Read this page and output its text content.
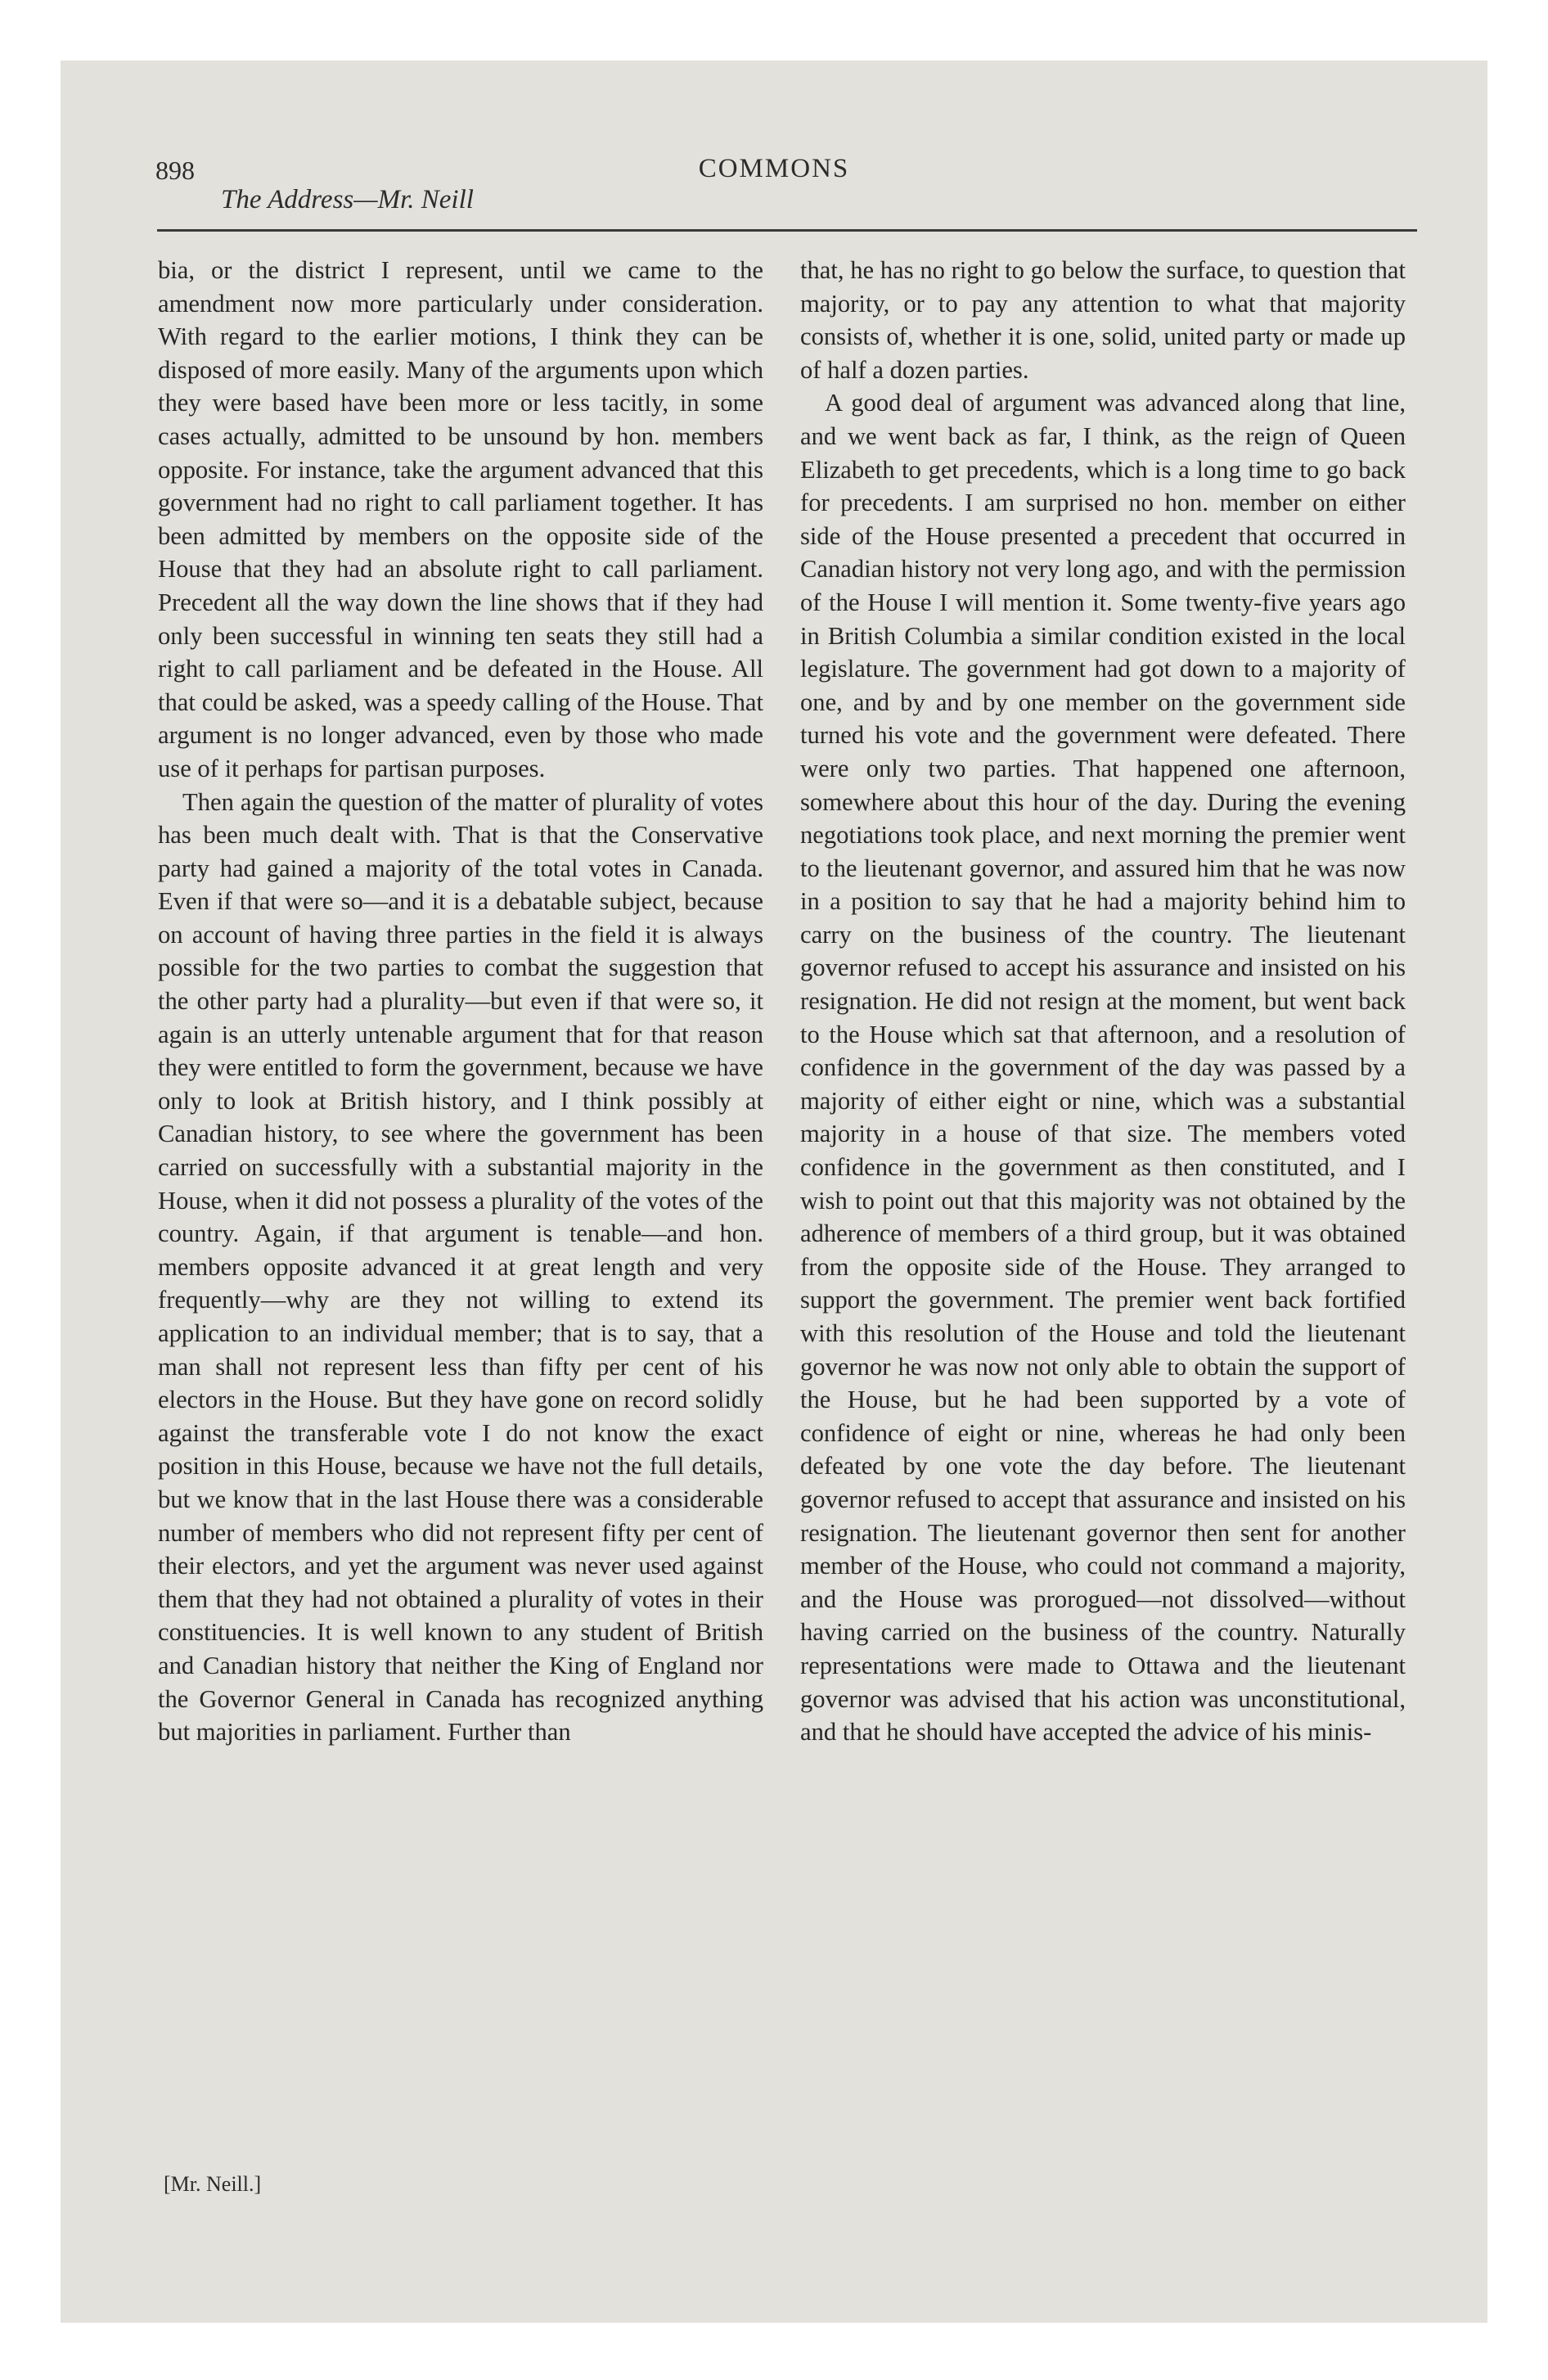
898	COMMONS
The Address—Mr. Neill

bia, or the district I represent, until we came to the amendment now more particularly under consideration. With regard to the earlier motions, I think they can be disposed of more easily. Many of the arguments upon which they were based have been more or less tacitly, in some cases actually, admitted to be unsound by hon. members opposite. For instance, take the argument advanced that this government had no right to call parliament together. It has been admitted by members on the opposite side of the House that they had an absolute right to call parliament. Precedent all the way down the line shows that if they had only been successful in winning ten seats they still had a right to call parliament and be defeated in the House. All that could be asked, was a speedy calling of the House. That argument is no longer advanced, even by those who made use of it perhaps for partisan purposes.

Then again the question of the matter of plurality of votes has been much dealt with. That is that the Conservative party had gained a majority of the total votes in Canada. Even if that were so—and it is a debatable subject, because on account of having three parties in the field it is always possible for the two parties to combat the suggestion that the other party had a plurality—but even if that were so, it again is an utterly untenable argument that for that reason they were entitled to form the government, because we have only to look at British history, and I think possibly at Canadian history, to see where the government has been carried on successfully with a substantial majority in the House, when it did not possess a plurality of the votes of the country. Again, if that argument is tenable—and hon. members opposite advanced it at great length and very frequently—why are they not willing to extend its application to an individual member; that is to say, that a man shall not represent less than fifty per cent of his electors in the House. But they have gone on record solidly against the transferable vote I do not know the exact position in this House, because we have not the full details, but we know that in the last House there was a considerable number of members who did not represent fifty per cent of their electors, and yet the argument was never used against them that they had not obtained a plurality of votes in their constituencies. It is well known to any student of British and Canadian history that neither the King of England nor the Governor General in Canada has recognized anything but majorities in parliament. Further than

that, he has no right to go below the surface, to question that majority, or to pay any attention to what that majority consists of, whether it is one, solid, united party or made up of half a dozen parties.

A good deal of argument was advanced along that line, and we went back as far, I think, as the reign of Queen Elizabeth to get precedents, which is a long time to go back for precedents. I am surprised no hon. member on either side of the House presented a precedent that occurred in Canadian history not very long ago, and with the permission of the House I will mention it. Some twenty-five years ago in British Columbia a similar condition existed in the local legislature. The government had got down to a majority of one, and by and by one member on the government side turned his vote and the government were defeated. There were only two parties. That happened one afternoon, somewhere about this hour of the day. During the evening negotiations took place, and next morning the premier went to the lieutenant governor, and assured him that he was now in a position to say that he had a majority behind him to carry on the business of the country. The lieutenant governor refused to accept his assurance and insisted on his resignation. He did not resign at the moment, but went back to the House which sat that afternoon, and a resolution of confidence in the government of the day was passed by a majority of either eight or nine, which was a substantial majority in a house of that size. The members voted confidence in the government as then constituted, and I wish to point out that this majority was not obtained by the adherence of members of a third group, but it was obtained from the opposite side of the House. They arranged to support the government. The premier went back fortified with this resolution of the House and told the lieutenant governor he was now not only able to obtain the support of the House, but he had been supported by a vote of confidence of eight or nine, whereas he had only been defeated by one vote the day before. The lieutenant governor refused to accept that assurance and insisted on his resignation. The lieutenant governor then sent for another member of the House, who could not command a majority, and the House was prorogued—not dissolved—without having carried on the business of the country. Naturally representations were made to Ottawa and the lieutenant governor was advised that his action was unconstitutional, and that he should have accepted the advice of his minis-

[Mr. Neill.]
